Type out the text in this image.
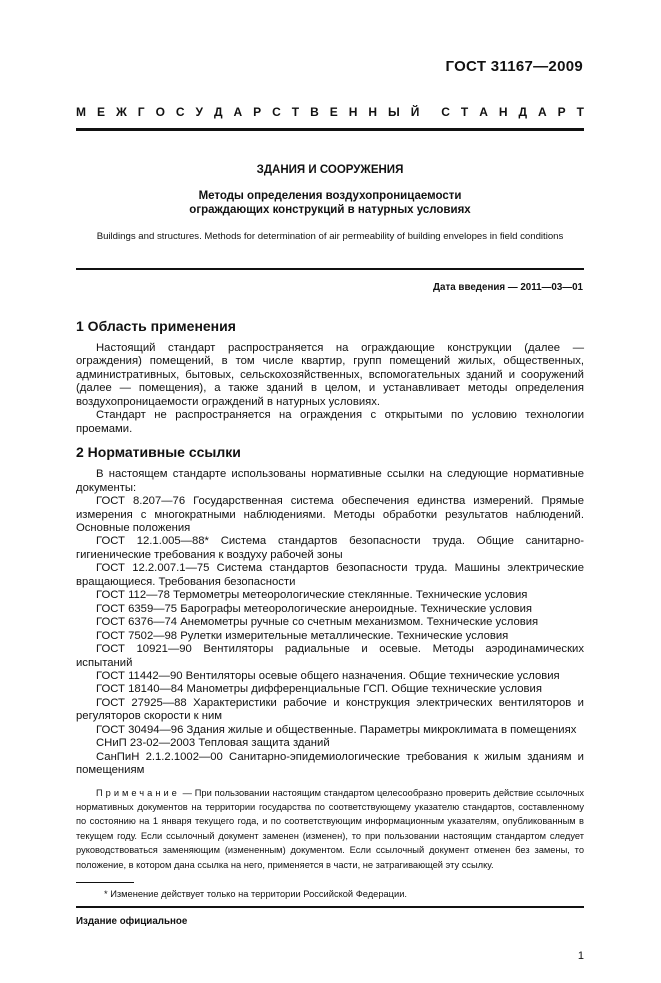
ГОСТ 31167—2009
М Е Ж Г О С У Д А Р С Т В Е Н Н Ы Й С Т А Н Д А Р Т
ЗДАНИЯ И СООРУЖЕНИЯ
Методы определения воздухопроницаемости
ограждающих конструкций в натурных условиях
Buildings and structures. Methods for determination of air permeability of building envelopes in field conditions
Дата введения — 2011—03—01
1 Область применения

Настоящий стандарт распространяется на ограждающие конструкции (далее — ограждения) помещений, в том числе квартир, групп помещений жилых, общественных, административных, бытовых, сельскохозяйственных, вспомогательных зданий и сооружений (далее — помещения), а также зданий в целом, и устанавливает методы определения воздухопроницаемости ограждений в натурных условиях.

Стандарт не распространяется на ограждения с открытыми по условию технологии проемами.

2 Нормативные ссылки

В настоящем стандарте использованы нормативные ссылки на следующие нормативные документы:

ГОСТ 8.207—76 Государственная система обеспечения единства измерений. Прямые измерения с многократными наблюдениями. Методы обработки результатов наблюдений. Основные положения

ГОСТ 12.1.005—88* Система стандартов безопасности труда. Общие санитарно-гигиенические требования к воздуху рабочей зоны

ГОСТ 12.2.007.1—75 Система стандартов безопасности труда. Машины электрические вращающиеся. Требования безопасности

ГОСТ 112—78 Термометры метеорологические стеклянные. Технические условия

ГОСТ 6359—75 Барографы метеорологические анероидные. Технические условия

ГОСТ 6376—74 Анемометры ручные со счетным механизмом. Технические условия

ГОСТ 7502—98 Рулетки измерительные металлические. Технические условия

ГОСТ 10921—90 Вентиляторы радиальные и осевые. Методы аэродинамических испытаний

ГОСТ 11442—90 Вентиляторы осевые общего назначения. Общие технические условия

ГОСТ 18140—84 Манометры дифференциальные ГСП. Общие технические условия

ГОСТ 27925—88 Характеристики рабочие и конструкция электрических вентиляторов и регуляторов скорости к ним

ГОСТ 30494—96 Здания жилые и общественные. Параметры микроклимата в помещениях

СНиП 23-02—2003 Тепловая защита зданий

СанПиН 2.1.2.1002—00 Санитарно-эпидемиологические требования к жилым зданиям и помещениям

Примечание — При пользовании настоящим стандартом целесообразно проверить действие ссылочных нормативных документов на территории государства по соответствующему указателю стандартов, составленному по состоянию на 1 января текущего года, и по соответствующим информационным указателям, опубликованным в текущем году. Если ссылочный документ заменен (изменен), то при пользовании настоящим стандартом следует руководствоваться заменяющим (измененным) документом. Если ссылочный документ отменен без замены, то положение, в котором дана ссылка на него, применяется в части, не затрагивающей эту ссылку.

* Изменение действует только на территории Российской Федерации.
Издание официальное
1
